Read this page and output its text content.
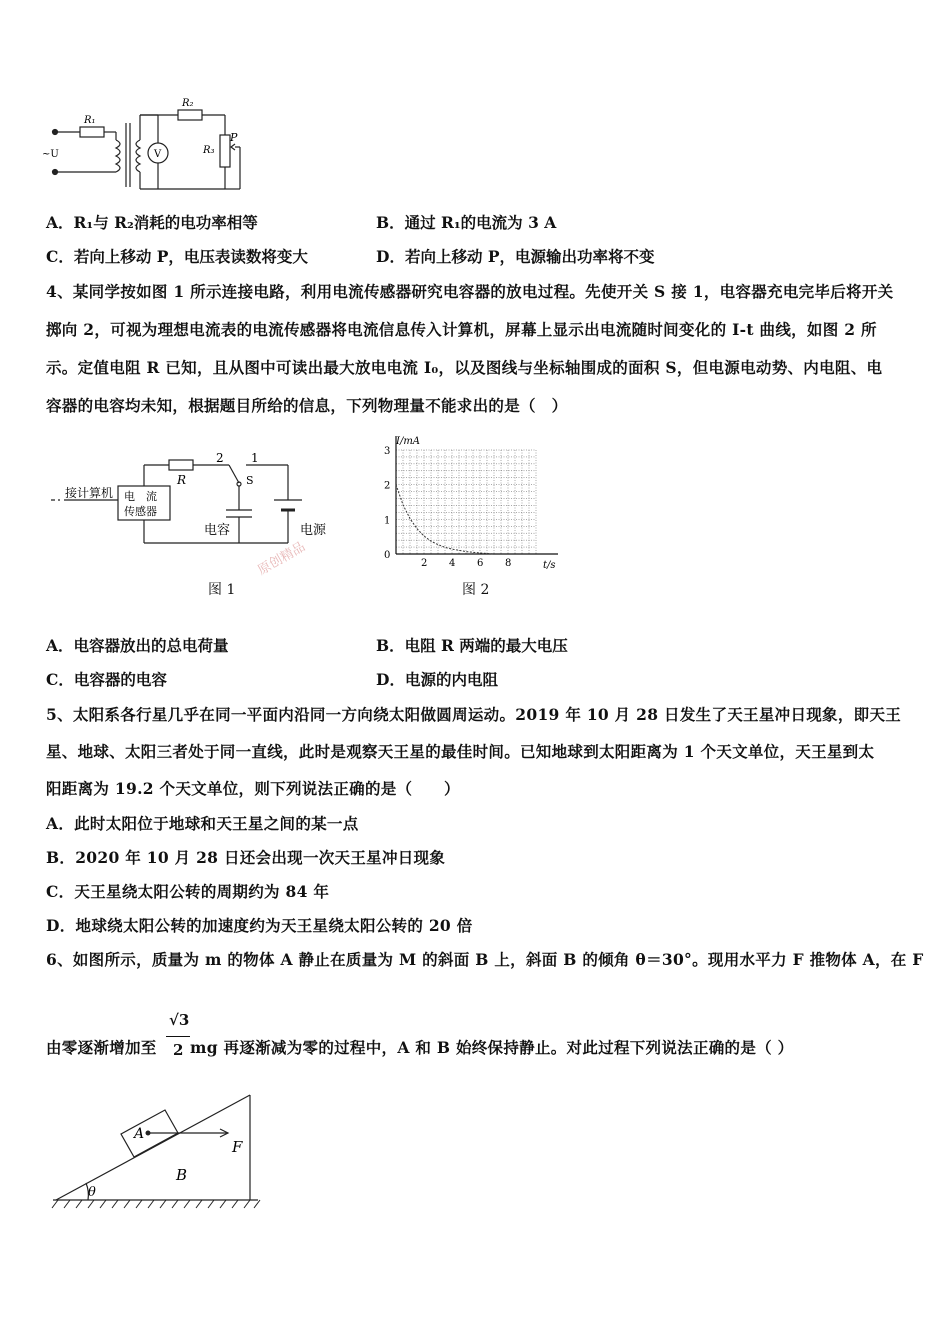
~U
R₁
R₂
R₃
V
P
A．R₁与 R₂消耗的电功率相等	B．通过 R₁的电流为 3 A
C．若向上移动 P，电压表读数将变大	D．若向上移动 P，电源输出功率将不变
4、某同学按如图 1 所示连接电路，利用电流传感器研究电容器的放电过程。先使开关 S 接 1，电容器充电完毕后将开关
掷向 2，可视为理想电流表的电流传感器将电流信息传入计算机，屏幕上显示出电流随时间变化的 I-t 曲线，如图 2 所
示。定值电阻 R 已知，且从图中可读出最大放电电流 I₀，以及图线与坐标轴围成的面积 S，但电源电动势、内电阻、电
容器的电容均未知，根据题目所给的信息，下列物理量不能求出的是（　）
接计算机 电　流
传感器
R
2 1
S
电容	电源
原创精品
图 1
2 4 6 8
0
1
2
3
I/mA
t/s
图 2
A．电容器放出的总电荷量	B．电阻 R 两端的最大电压
C．电容器的电容	D．电源的内电阻
5、太阳系各行星几乎在同一平面内沿同一方向绕太阳做圆周运动。2019 年 10 月 28 日发生了天王星冲日现象，即天王
星、地球、太阳三者处于同一直线，此时是观察天王星的最佳时间。已知地球到太阳距离为 1 个天文单位，天王星到太
阳距离为 19.2 个天文单位，则下列说法正确的是（　　）
A．此时太阳位于地球和天王星之间的某一点
B．2020 年 10 月 28 日还会出现一次天王星冲日现象
C．天王星绕太阳公转的周期约为 84 年
D．地球绕太阳公转的加速度约为天王星绕太阳公转的 20 倍
6、如图所示，质量为 m 的物体 A 静止在质量为 M 的斜面 B 上，斜面 B 的倾角 θ＝30°。现用水平力 F 推物体 A，在 F
由零逐渐增加至
√3
2 mg 再逐渐减为零的过程中，A 和 B 始终保持静止。对此过程下列说法正确的是（ ）
A
F
B
θ
